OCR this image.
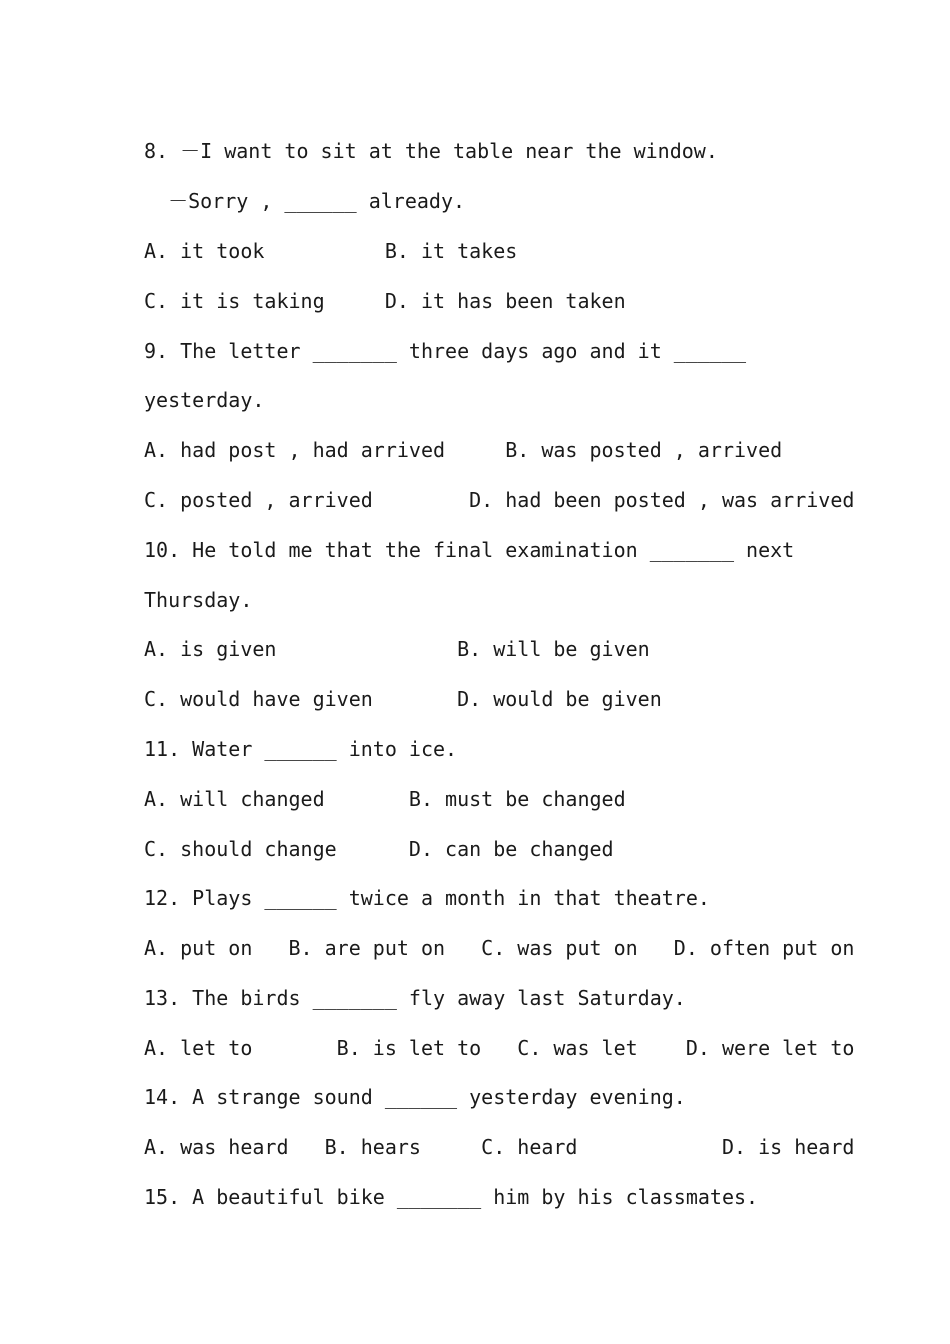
8. －I want to sit at the table near the window.
－Sorry , ______ already.
A. it took          B. it takes
C. it is taking     D. it has been taken
9. The letter _______ three days ago and it ______
yesterday.
A. had post , had arrived     B. was posted , arrived
C. posted , arrived        D. had been posted , was arrived
10. He told me that the final examination _______ next
Thursday.
A. is given               B. will be given
C. would have given       D. would be given
11. Water ______ into ice.
A. will changed       B. must be changed
C. should change      D. can be changed
12. Plays ______ twice a month in that theatre.
A. put on   B. are put on   C. was put on   D. often put on
13. The birds _______ fly away last Saturday.
A. let to       B. is let to   C. was let    D. were let to
14. A strange sound ______ yesterday evening.
A. was heard   B. hears     C. heard            D. is heard
15. A beautiful bike _______ him by his classmates.
